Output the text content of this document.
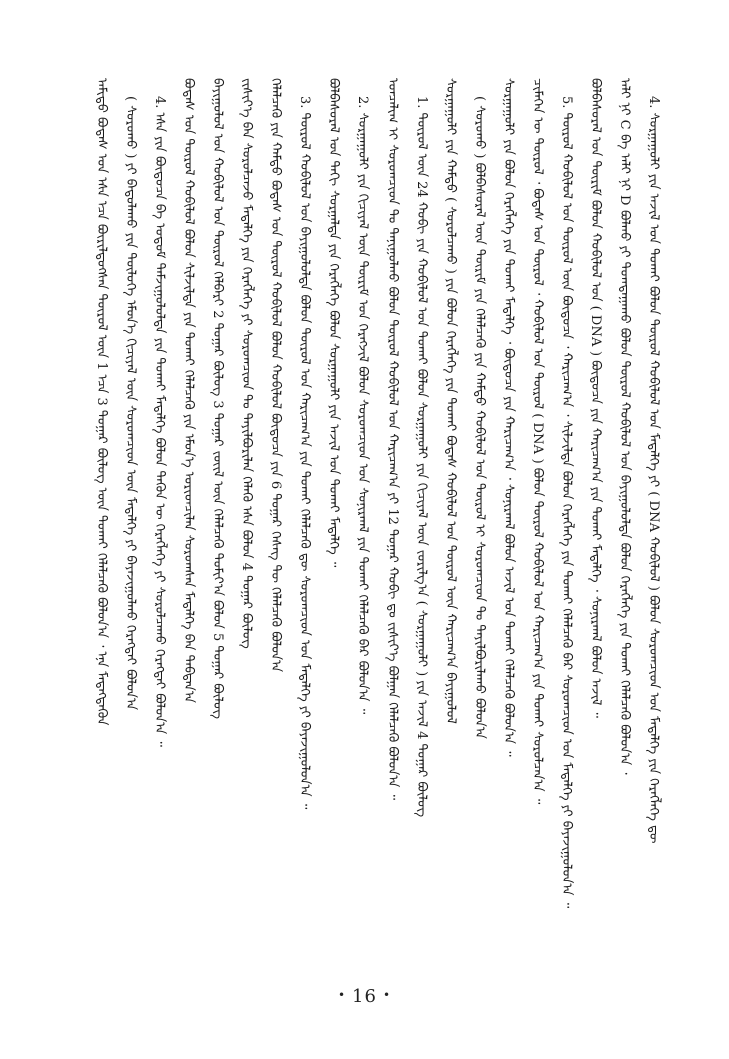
ᠠᠮᠢᠳᠤ ᠪᠣᠳᠠᠰ ᠤᠨ ᠡᠰᠡ ᠡᠴᠡ ᠪᠦᠷᠢᠯᠳᠦᠭᠰᠡᠨ ᠲᠦᠷᠦᠯ ᠦᠨ 1 ᠡᠴᠡ 3 ᠳᠤᠭᠠᠷ ᠪᠦᠯᠦᠭ ᠦᠨ ᠲᠤᠬᠠᠢ ᠬᠡᠯᠡᠯᠴᠡᠬᠦ ᠪᠣᠯᠤᠨ᠎ᠠ ᠂ ᠡᠨᠡ ᠮᠡᠳᠡᠭᠳᠡᠬᠦᠨ ( ᠰᠤᠷᠤᠬᠤ ) ᠶᠢ ᠪᠠᠲᠤᠯᠠᠬᠤ ᠶᠢᠨ ᠲᠥᠯᠥᠭᠡ ᠡᠮᠦᠨ᠎ᠡ ᠬᠢᠴᠢᠶᠡᠯ ᠦᠨ ᠰᠤᠷᠤᠭᠴᠢᠳ ᠦᠨ ᠮᠡᠳᠡᠯᠭᠡ ᠶᠢ ᠪᠠᠶᠠᠵᠢᠭᠤᠯᠬᠤ ᠬᠡᠷᠡᠭᠲᠡᠢ ᠪᠣᠯᠤᠨ᠎ᠠ 4. ᠡᠰᠡ ᠶᠢᠨ ᠪᠦᠲᠦᠴᠡ ᠪᠠ ᠤᠳᠤᠮ ᠳᠠᠮᠵᠢᠭᠤᠯᠤᠯᠲᠠ ᠶᠢᠨ ᠲᠤᠬᠠᠢ ᠮᠡᠳᠡᠯᠭᠡ ᠪᠣᠯᠤᠨ ᠲᠡᠭᠦᠨ ᠦ ᠬᠡᠷᠡᠭᠯᠡᠭᠡ ᠶᠢ ᠰᠤᠷᠤᠯᠴᠠᠬᠤ ᠬᠡᠷᠡᠭᠲᠡᠢ ᠪᠣᠯᠤᠨ᠎ᠠ ᠃ ᠪᠣᠳᠠᠰ ᠤᠨ ᠲᠦᠷᠦᠯ ᠬᠤᠪᠢᠯᠤᠯ ᠪᠣᠯᠤᠨ ᠰᠢᠯᠵᠢᠯᠲᠡ ᠶᠢᠨ ᠲᠤᠬᠠᠢ ᠬᠡᠯᠡᠯᠴᠡᠬᠦ ᠶᠢᠨ ᠡᠮᠦᠨ᠎ᠡ ᠤᠷᠢᠳᠴᠢᠯᠠᠨ ᠰᠤᠷᠤᠭᠰᠠᠨ ᠮᠡᠳᠡᠯᠭᠡ ᠪᠠᠨ ᠳᠠᠪᠲᠠᠨ᠎ᠠ ᠪᠠᠶᠢᠭᠤᠯᠤᠯ ᠤᠨ ᠬᠤᠪᠢᠯᠤᠯ ᠤᠨ ᠲᠦᠷᠦᠯ ᠬᠡᠯᠪᠡᠷᠢ 2 ᠳᠤᠭᠠᠷ ᠪᠦᠯᠦᠭ 3 ᠳᠤᠭᠠᠷ ᠵᠦᠢᠯ ᠦᠨ ᠬᠡᠯᠡᠯᠴᠡᠬᠦ ᠲᠣᠮᠢᠶ᠎ᠠ ᠪᠣᠯᠤᠨ 5 ᠳᠤᠭᠠᠷ ᠪᠦᠯᠦᠭ ᠵᠢᠱᠢᠶ᠎ᠡ ᠪᠡᠨ ᠰᠤᠷᠤᠯᠴᠠᠵᠤ ᠮᠡᠳᠡᠯᠭᠡ ᠶᠢᠨ ᠬᠡᠷᠡᠭᠯᠡᠭᠡ ᠶᠢ ᠰᠤᠷᠤᠭᠴᠢᠳ ᠲᠤ ᠲᠠᠶᠢᠯᠪᠤᠷᠢᠯᠠᠨ ᠬᠡᠯᠡᠬᠦ ᠡᠰᠡ ᠪᠣᠯᠤᠨ 4 ᠳᠤᠭᠠᠷ ᠪᠦᠯᠦᠭ ᠬᠡᠯᠡᠯᠴᠡᠬᠦ ᠶᠢᠨ ᠬᠠᠮᠲᠤ ᠪᠣᠳᠠᠰ ᠤᠨ ᠲᠦᠷᠦᠯ ᠬᠤᠪᠢᠯᠤᠯ ᠪᠣᠯᠤᠨ ᠬᠤᠪᠢᠯᠤᠯ ᠪᠦᠲᠦᠴᠡ ᠶᠢᠨ 6 ᠳᠤᠭᠠᠷ ᠬᠡᠰᠡᠭ ᠲᠦ ᠬᠡᠯᠡᠯᠴᠡᠬᠦ ᠪᠣᠯᠤᠨ᠎ᠠ 3. ᠲᠦᠷᠦᠯ ᠬᠤᠪᠢᠯᠤᠯ ᠤᠨ ᠪᠠᠶᠢᠭᠤᠯᠤᠯᠲᠠ ᠪᠣᠯᠤᠨ ᠲᠦᠷᠦᠯ ᠤᠨ ᠬᠠᠷᠢᠴᠠᠭ᠎ᠠ ᠶᠢᠨ ᠲᠤᠬᠠᠢ ᠬᠡᠯᠡᠯᠴᠡᠬᠦ ᠳᠦ ᠰᠤᠷᠤᠭᠴᠢᠳ ᠤᠨ ᠮᠡᠳᠡᠯᠭᠡ ᠶᠢ ᠪᠠᠶᠠᠵᠢᠭᠤᠯᠤᠨ᠎ᠠ ᠃ ᠪᠣᠯᠪᠠᠰᠤᠷᠠᠯ ᠤᠨ ᠲᠡᠬᠢ ᠰᠤᠷᠭᠠᠯᠲᠠ ᠶᠢᠨ ᠬᠡᠷᠡᠭᠯᠡᠭᠡ ᠪᠣᠯᠤᠨ ᠰᠤᠷᠭᠠᠭᠤᠯᠢ ᠶᠢᠨ ᠠᠵᠢᠯ ᠤᠨ ᠲᠤᠬᠠᠢ ᠮᠡᠳᠡᠯᠭᠡ ᠃ 2. ᠰᠤᠷᠭᠠᠭᠤᠯᠢ ᠶᠢᠨ ᠬᠢᠴᠢᠶᠡᠯ ᠦᠨ ᠳᠦᠷᠢᠮ ᠤᠨ ᠬᠡᠷᠡᠭᠵᠢᠯ ᠪᠣᠯᠤᠨ ᠰᠤᠷᠤᠭᠴᠢᠳ ᠤᠨ ᠰᠣᠨᠢᠷᠬᠠᠯ ᠶᠢᠨ ᠲᠤᠬᠠᠢ ᠬᠡᠯᠡᠯᠴᠡᠬᠦ ᠪᠠᠷ ᠪᠣᠯᠤᠨ᠎ᠠ ᠃ ᠣᠨᠴᠠᠯᠢᠭ ᠢ ᠰᠤᠷᠤᠭᠴᠢᠳ ᠲᠤ ᠲᠠᠨᠢᠭᠤᠯᠬᠤ ᠪᠣᠯᠤᠨ ᠲᠦᠷᠦᠯ ᠬᠤᠪᠢᠯᠤᠯ ᠤᠨ ᠬᠠᠷᠢᠴᠠᠭ᠎ᠠ ᠶᠢ 12 ᠳᠤᠭᠠᠷ ᠬᠤᠪᠢ ᠳᠤ ᠵᠢᠱᠢᠶ᠎ᠡ ᠪᠣᠯᠭᠠᠨ ᠬᠡᠯᠡᠯᠴᠡᠬᠦ ᠪᠣᠯᠤᠨ᠎ᠠ ᠃ 1. ᠲᠦᠷᠦᠯ ᠦᠨ 24 ᠬᠤᠪᠢ ᠶᠢᠨ ᠬᠤᠪᠢᠯᠤᠯ ᠤᠨ ᠲᠤᠬᠠᠢ ᠪᠣᠯᠤᠨ ᠰᠤᠷᠭᠠᠭᠤᠯᠢ ᠶᠢᠨ ᠬᠢᠴᠢᠶᠡᠯ ᠦᠨ ᠵᠣᠷᠢᠯᠭ᠎ᠠ ( ᠰᠤᠷᠭᠠᠭᠤᠯᠢ ) ᠶᠢᠨ ᠠᠵᠢᠯ 4 ᠳᠤᠭᠠᠷ ᠪᠦᠯᠦᠭ ᠰᠤᠷᠭᠠᠭᠤᠯᠢ ᠶᠢᠨ ᠬᠠᠮᠲᠤ ( ᠰᠤᠷᠤᠯᠴᠠᠬᠤ ) ᠶᠢᠨ ᠪᠣᠯᠤᠨ ᠬᠡᠷᠡᠭᠯᠡᠭᠡ ᠶᠢᠨ ᠲᠤᠬᠠᠢ ᠪᠣᠳᠠᠰ ᠬᠤᠪᠢᠯᠤᠯ ᠤᠨ ᠲᠦᠷᠦᠯ ᠦᠨ ᠬᠠᠷᠢᠴᠠᠭ᠎ᠠ ᠪᠠᠶᠢᠭᠤᠯᠤᠯ ( ᠰᠤᠷᠤᠬᠤ ) ᠪᠣᠯᠪᠠᠰᠤᠷᠠᠯ ᠦᠨ ᠳᠦᠷᠢᠮ ᠶᠢᠨ ᠬᠡᠯᠡᠯᠴᠡᠬᠦ ᠶᠢᠨ ᠬᠠᠮᠲᠤ ᠬᠤᠪᠢᠯᠤᠯ ᠤᠨ ᠲᠦᠷᠦᠯ ᠢ ᠰᠤᠷᠤᠭᠴᠢᠳ ᠲᠤ ᠲᠠᠶᠢᠯᠪᠤᠷᠢᠯᠠᠬᠤ ᠪᠣᠯᠤᠨ᠎ᠠ ᠰᠤᠷᠭᠠᠭᠤᠯᠢ ᠶᠢᠨ ᠪᠣᠯᠤᠨ ᠬᠡᠷᠡᠭᠯᠡᠭᠡ ᠶᠢᠨ ᠲᠤᠬᠠᠢ ᠮᠡᠳᠡᠯᠭᠡ ᠂ ᠪᠦᠲᠦᠴᠡ ᠶᠢᠨ ᠬᠠᠷᠢᠴᠠᠭ᠎ᠠ ᠂ ᠰᠣᠨᠢᠷᠬᠠᠯ ᠪᠣᠯᠤᠨ ᠠᠵᠢᠯ ᠤᠨ ᠲᠤᠬᠠᠢ ᠬᠡᠯᠡᠯᠴᠡᠬᠦ ᠪᠣᠯᠤᠨ᠎ᠠ ᠃ ᠴᠢᠮᠡᠭᠡᠨ ᠦ ᠲᠦᠷᠦᠯ ᠂ ᠪᠣᠳᠠᠰ ᠤᠨ ᠲᠦᠷᠦᠯ ᠂ ᠬᠤᠪᠢᠯᠤᠯ ᠤᠨ ᠲᠦᠷᠦᠯ ( DNA ) ᠪᠣᠯᠤᠨ ᠲᠦᠷᠦᠯ ᠬᠤᠪᠢᠯᠤᠯ ᠤᠨ ᠬᠠᠷᠢᠴᠠᠭ᠎ᠠ ᠶᠢᠨ ᠲᠤᠬᠠᠢ ᠰᠤᠷᠤᠯᠴᠠᠨ᠎ᠠ ᠃ 5. ᠲᠦᠷᠦᠯ ᠬᠤᠪᠢᠯᠤᠯ ᠤᠨ ᠲᠦᠷᠦᠯ ᠦᠨ ᠪᠦᠲᠦᠴᠡ ᠂ ᠬᠠᠷᠢᠴᠠᠭ᠎ᠠ ᠂ ᠰᠢᠯᠵᠢᠯᠲᠡ ᠪᠣᠯᠤᠨ ᠬᠡᠷᠡᠭᠯᠡᠭᠡ ᠶᠢᠨ ᠲᠤᠬᠠᠢ ᠬᠡᠯᠡᠯᠴᠡᠬᠦ ᠪᠠᠷ ᠰᠤᠷᠤᠭᠴᠢᠳ ᠤᠨ ᠮᠡᠳᠡᠯᠭᠡ ᠶᠢ ᠪᠠᠶᠠᠵᠢᠭᠤᠯᠤᠨ᠎ᠠ ᠃ ᠪᠣᠯᠪᠠᠰᠤᠷᠠᠯ ᠤᠨ ᠳᠦᠷᠢᠮ ᠪᠣᠯᠤᠨ ᠬᠤᠪᠢᠯᠤᠯ ᠤᠨ ( DNA ) ᠪᠦᠲᠦᠴᠡ ᠶᠢᠨ ᠬᠠᠷᠢᠴᠠᠭ᠎ᠠ ᠶᠢᠨ ᠲᠤᠬᠠᠢ ᠮᠡᠳᠡᠯᠭᠡ ᠂ ᠰᠣᠨᠢᠷᠬᠠᠯ ᠪᠣᠯᠤᠨ ᠠᠵᠢᠯ ᠃ ᠠᠯᠢ ᠨᠢ C ᠪᠠ ᠠᠯᠢ ᠨᠢ D ᠪᠣᠯᠬᠤ ᠶᠢ ᠲᠣᠭᠲᠠᠭᠠᠬᠤ ᠪᠣᠯᠤᠨ ᠲᠦᠷᠦᠯ ᠬᠤᠪᠢᠯᠤᠯ ᠤᠨ ᠪᠠᠶᠢᠭᠤᠯᠤᠯᠲᠠ ᠪᠣᠯᠤᠨ ᠬᠡᠷᠡᠭᠯᠡᠭᠡ ᠶᠢᠨ ᠲᠤᠬᠠᠢ ᠬᠡᠯᠡᠯᠴᠡᠬᠦ ᠪᠣᠯᠤᠨ᠎ᠠ ᠂ 4. ᠰᠤᠷᠭᠠᠭᠤᠯᠢ ᠶᠢᠨ ᠠᠵᠢᠯ ᠤᠨ ᠲᠤᠬᠠᠢ ᠪᠣᠯᠤᠨ ᠲᠦᠷᠦᠯ ᠬᠤᠪᠢᠯᠤᠯ ᠤᠨ ᠮᠡᠳᠡᠯᠭᠡ ᠶᠢ ( DNA ᠬᠤᠪᠢᠯᠤᠯ ) ᠪᠣᠯᠤᠨ ᠰᠤᠷᠤᠭᠴᠢᠳ ᠤᠨ ᠮᠡᠳᠡᠯᠭᠡ ᠶᠢᠨ ᠬᠡᠷᠡᠭᠯᠡᠭᠡ ᠳᠦ
• 16 •
